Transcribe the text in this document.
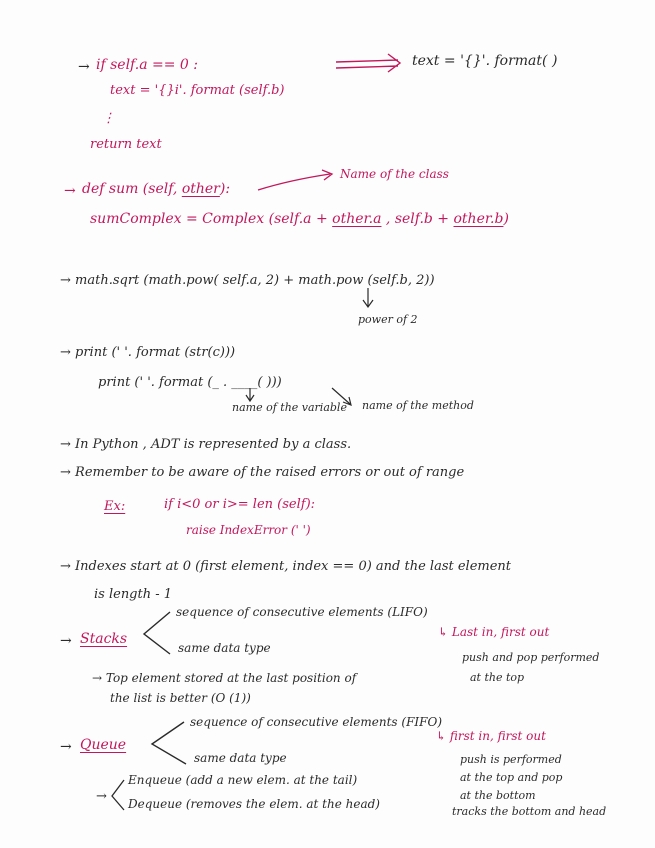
→ if self.a == 0 :	text = '{}'. format( )
text = '{}i'. format (self.b)
⋮
return text
→ def sum (self, other):
Name of the class
sumComplex = Complex (self.a + other.a , self.b + other.b)
→ math.sqrt (math.pow( self.a, 2) + math.pow (self.b, 2))
power of 2
→ print (' '. format (str(c)))
print (' '. format (_ . ____( )))
name of the variable name of the method
→ In Python , ADT is represented by a class.
→ Remember to be aware of the raised errors or out of range
Ex:	if i<0 or i>= len (self):
raise IndexError (' ')
→ Indexes start at 0 (first element, index == 0) and the last element
is length - 1
→ Stacks
sequence of consecutive elements (LIFO)
same data type
↳ Last in, first out
push and pop performed
at the top
→ Top element stored at the last position of
the list is better (O (1))
→ Queue
sequence of consecutive elements (FIFO)
same data type
↳ first in, first out
push is performed
at the top and pop
at the bottom
tracks the bottom and head
→
Enqueue (add a new elem. at the tail)
Dequeue (removes the elem. at the head)
